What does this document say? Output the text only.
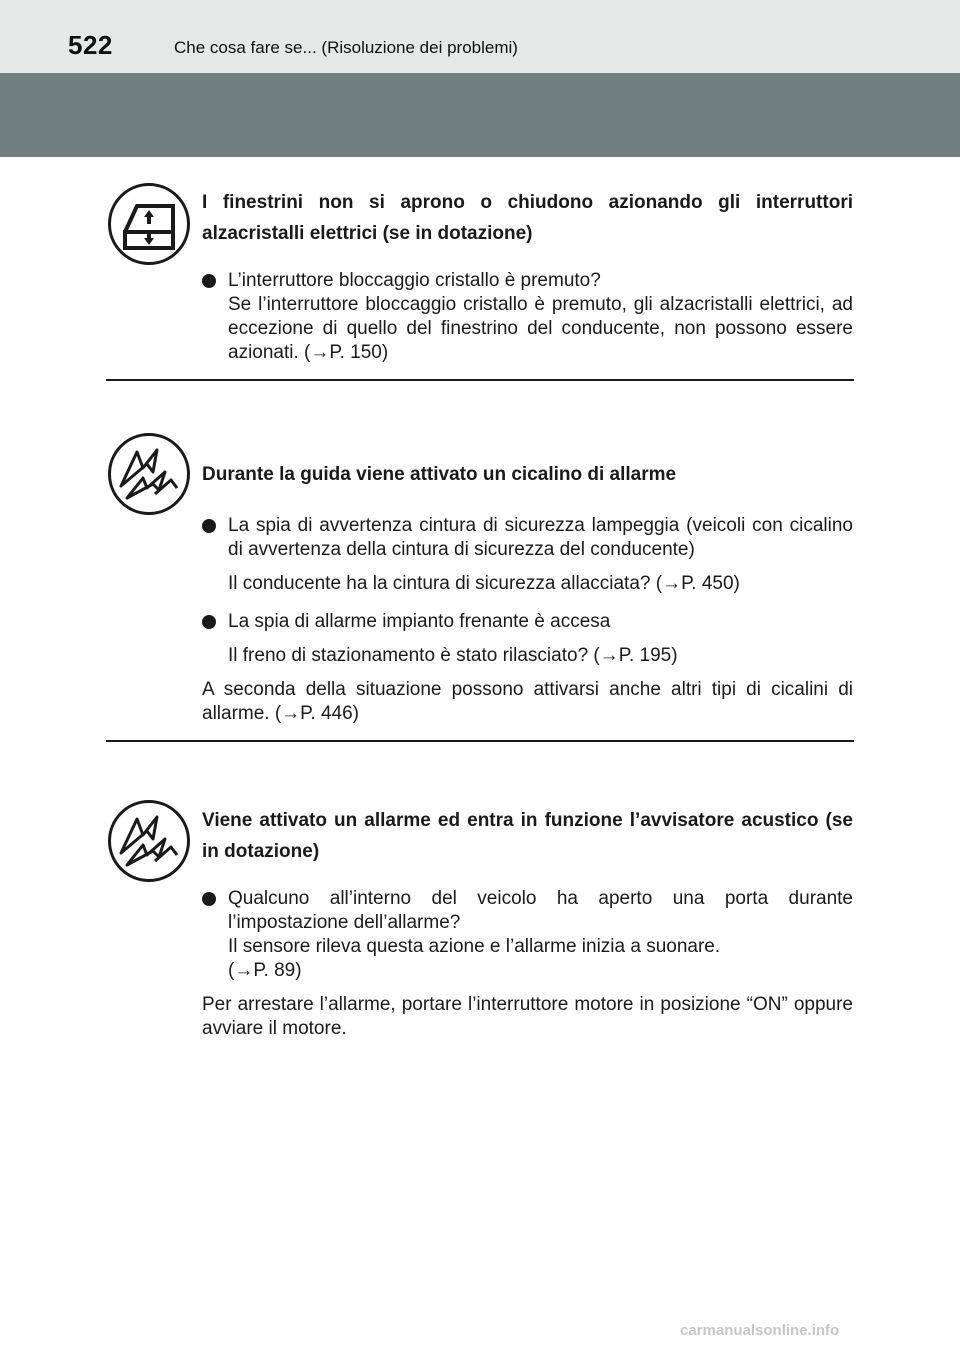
522	Che cosa fare se... (Risoluzione dei problemi)

I finestrini non si aprono o chiudono azionando gli interruttori alzacristalli elettrici (se in dotazione)

L’interruttore bloccaggio cristallo è premuto?
Se l’interruttore bloccaggio cristallo è premuto, gli alzacristalli elettrici, ad eccezione di quello del finestrino del conducente, non possono essere azionati. (→P. 150)

Durante la guida viene attivato un cicalino di allarme

La spia di avvertenza cintura di sicurezza lampeggia (veicoli con cicalino di avvertenza della cintura di sicurezza del conducente)

Il conducente ha la cintura di sicurezza allacciata? (→P. 450)

La spia di allarme impianto frenante è accesa

Il freno di stazionamento è stato rilasciato? (→P. 195)

A seconda della situazione possono attivarsi anche altri tipi di cicalini di allarme. (→P. 446)

Viene attivato un allarme ed entra in funzione l’avvisatore acustico (se in dotazione)

Qualcuno all’interno del veicolo ha aperto una porta durante l’impostazione dell’allarme?
Il sensore rileva questa azione e l’allarme inizia a suonare.
(→P. 89)

Per arrestare l’allarme, portare l’interruttore motore in posizione “ON” oppure avviare il motore.

carmanualsonline.info
